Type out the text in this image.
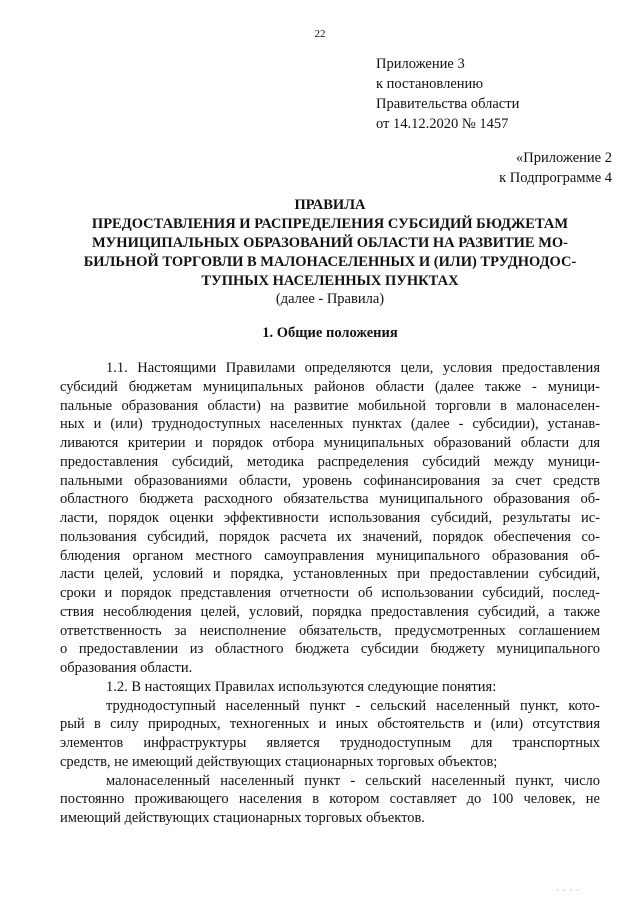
22
Приложение 3
к постановлению
Правительства области
от 14.12.2020 № 1457
«Приложение 2
к Подпрограмме 4
ПРАВИЛА
ПРЕДОСТАВЛЕНИЯ И РАСПРЕДЕЛЕНИЯ СУБСИДИЙ БЮДЖЕТАМ
МУНИЦИПАЛЬНЫХ ОБРАЗОВАНИЙ ОБЛАСТИ НА РАЗВИТИЕ МО-
БИЛЬНОЙ ТОРГОВЛИ В МАЛОНАСЕЛЕННЫХ И (ИЛИ) ТРУДНОДОС-
ТУПНЫХ НАСЕЛЕННЫХ ПУНКТАХ
(далее - Правила)
1. Общие положения
1.1. Настоящими Правилами определяются цели, условия предоставления
субсидий бюджетам муниципальных районов области (далее также - муници-
пальные образования области) на развитие мобильной торговли в малонаселен-
ных и (или) труднодоступных населенных пунктах (далее - субсидии), устанав-
ливаются критерии и порядок отбора муниципальных образований области для
предоставления субсидий, методика распределения субсидий между муници-
пальными образованиями области, уровень софинансирования за счет средств
областного бюджета расходного обязательства муниципального образования об-
ласти, порядок оценки эффективности использования субсидий, результаты ис-
пользования субсидий, порядок расчета их значений, порядок обеспечения со-
блюдения органом местного самоуправления муниципального образования об-
ласти целей, условий и порядка, установленных при предоставлении субсидий,
сроки и порядок представления отчетности об использовании субсидий, послед-
ствия несоблюдения целей, условий, порядка предоставления субсидий, а также
ответственность за неисполнение обязательств, предусмотренных соглашением
о предоставлении из областного бюджета субсидии бюджету муниципального
образования области.
1.2. В настоящих Правилах используются следующие понятия:
труднодоступный населенный пункт - сельский населенный пункт, кото-
рый в силу природных, техногенных и иных обстоятельств и (или) отсутствия
элементов инфраструктуры является труднодоступным для транспортных
средств, не имеющий действующих стационарных торговых объектов;
малонаселенный населенный пункт - сельский населенный пункт, число
постоянно проживающего населения в котором составляет до 100 человек, не
имеющий действующих стационарных торговых объектов.
· · · ·
